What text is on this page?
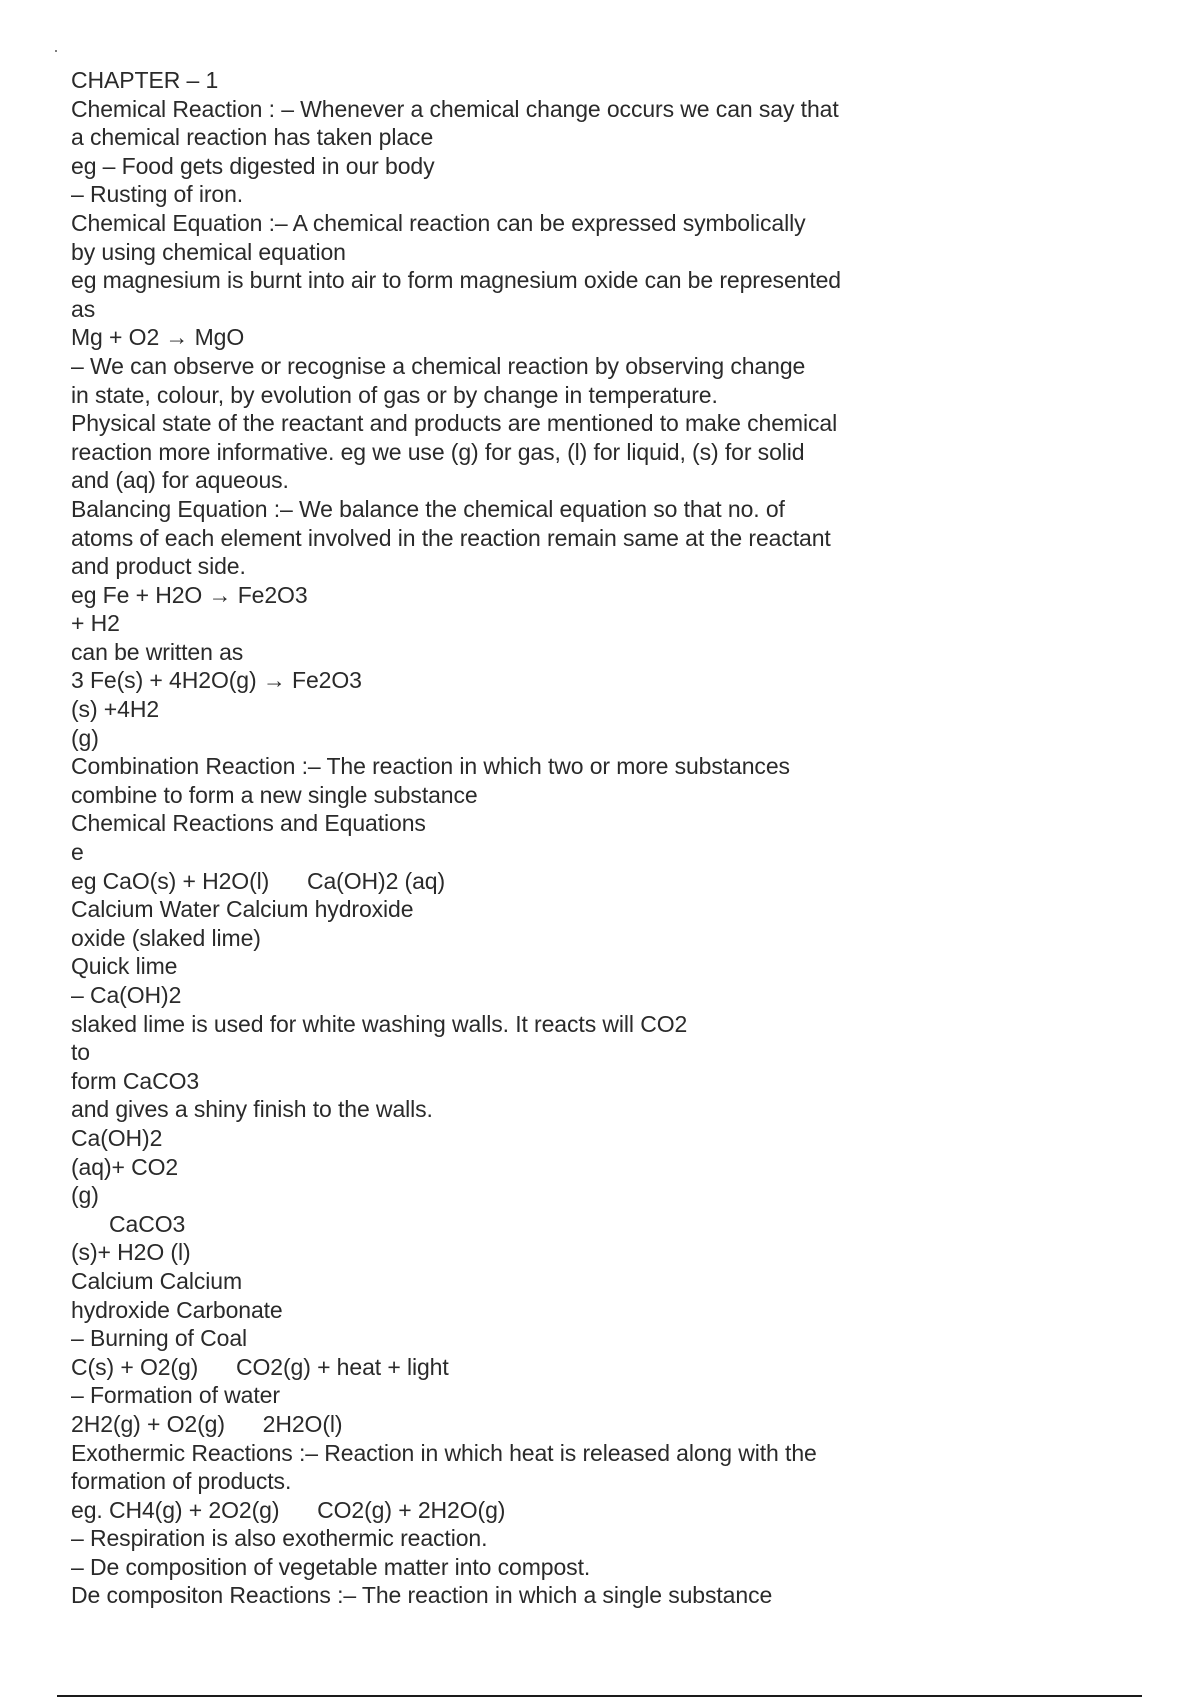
CHAPTER – 1
Chemical Reaction : – Whenever a chemical change occurs we can say that
a chemical reaction has taken place
eg – Food gets digested in our body
– Rusting of iron.
Chemical Equation :– A chemical reaction can be expressed symbolically
by using chemical equation
eg magnesium is burnt into air to form magnesium oxide can be represented
as
Mg + O2 → MgO
– We can observe or recognise a chemical reaction by observing change
in state, colour, by evolution of gas or by change in temperature.
Physical state of the reactant and products are mentioned to make chemical
reaction more informative. eg we use (g) for gas, (l) for liquid, (s) for solid
and (aq) for aqueous.
Balancing Equation :– We balance the chemical equation so that no. of
atoms of each element involved in the reaction remain same at the reactant
and product side.
eg Fe + H2O → Fe2O3
+ H2
can be written as
3 Fe(s) + 4H2O(g) → Fe2O3
(s) +4H2
(g)
Combination Reaction :– The reaction in which two or more substances
combine to form a new single substance
Chemical Reactions and Equations
e
eg CaO(s) + H2O(l)      Ca(OH)2 (aq)
Calcium Water Calcium hydroxide
oxide (slaked lime)
Quick lime
– Ca(OH)2
slaked lime is used for white washing walls. It reacts will CO2
to
form CaCO3
and gives a shiny finish to the walls.
Ca(OH)2
(aq)+ CO2
(g)
CaCO3
(s)+ H2O (l)
Calcium Calcium
hydroxide Carbonate
– Burning of Coal
C(s) + O2(g)      CO2(g) + heat + light
– Formation of water
2H2(g) + O2(g)      2H2O(l)
Exothermic Reactions :– Reaction in which heat is released along with the
formation of products.
eg. CH4(g) + 2O2(g)      CO2(g) + 2H2O(g)
– Respiration is also exothermic reaction.
– De composition of vegetable matter into compost.
De compositon Reactions :– The reaction in which a single substance
